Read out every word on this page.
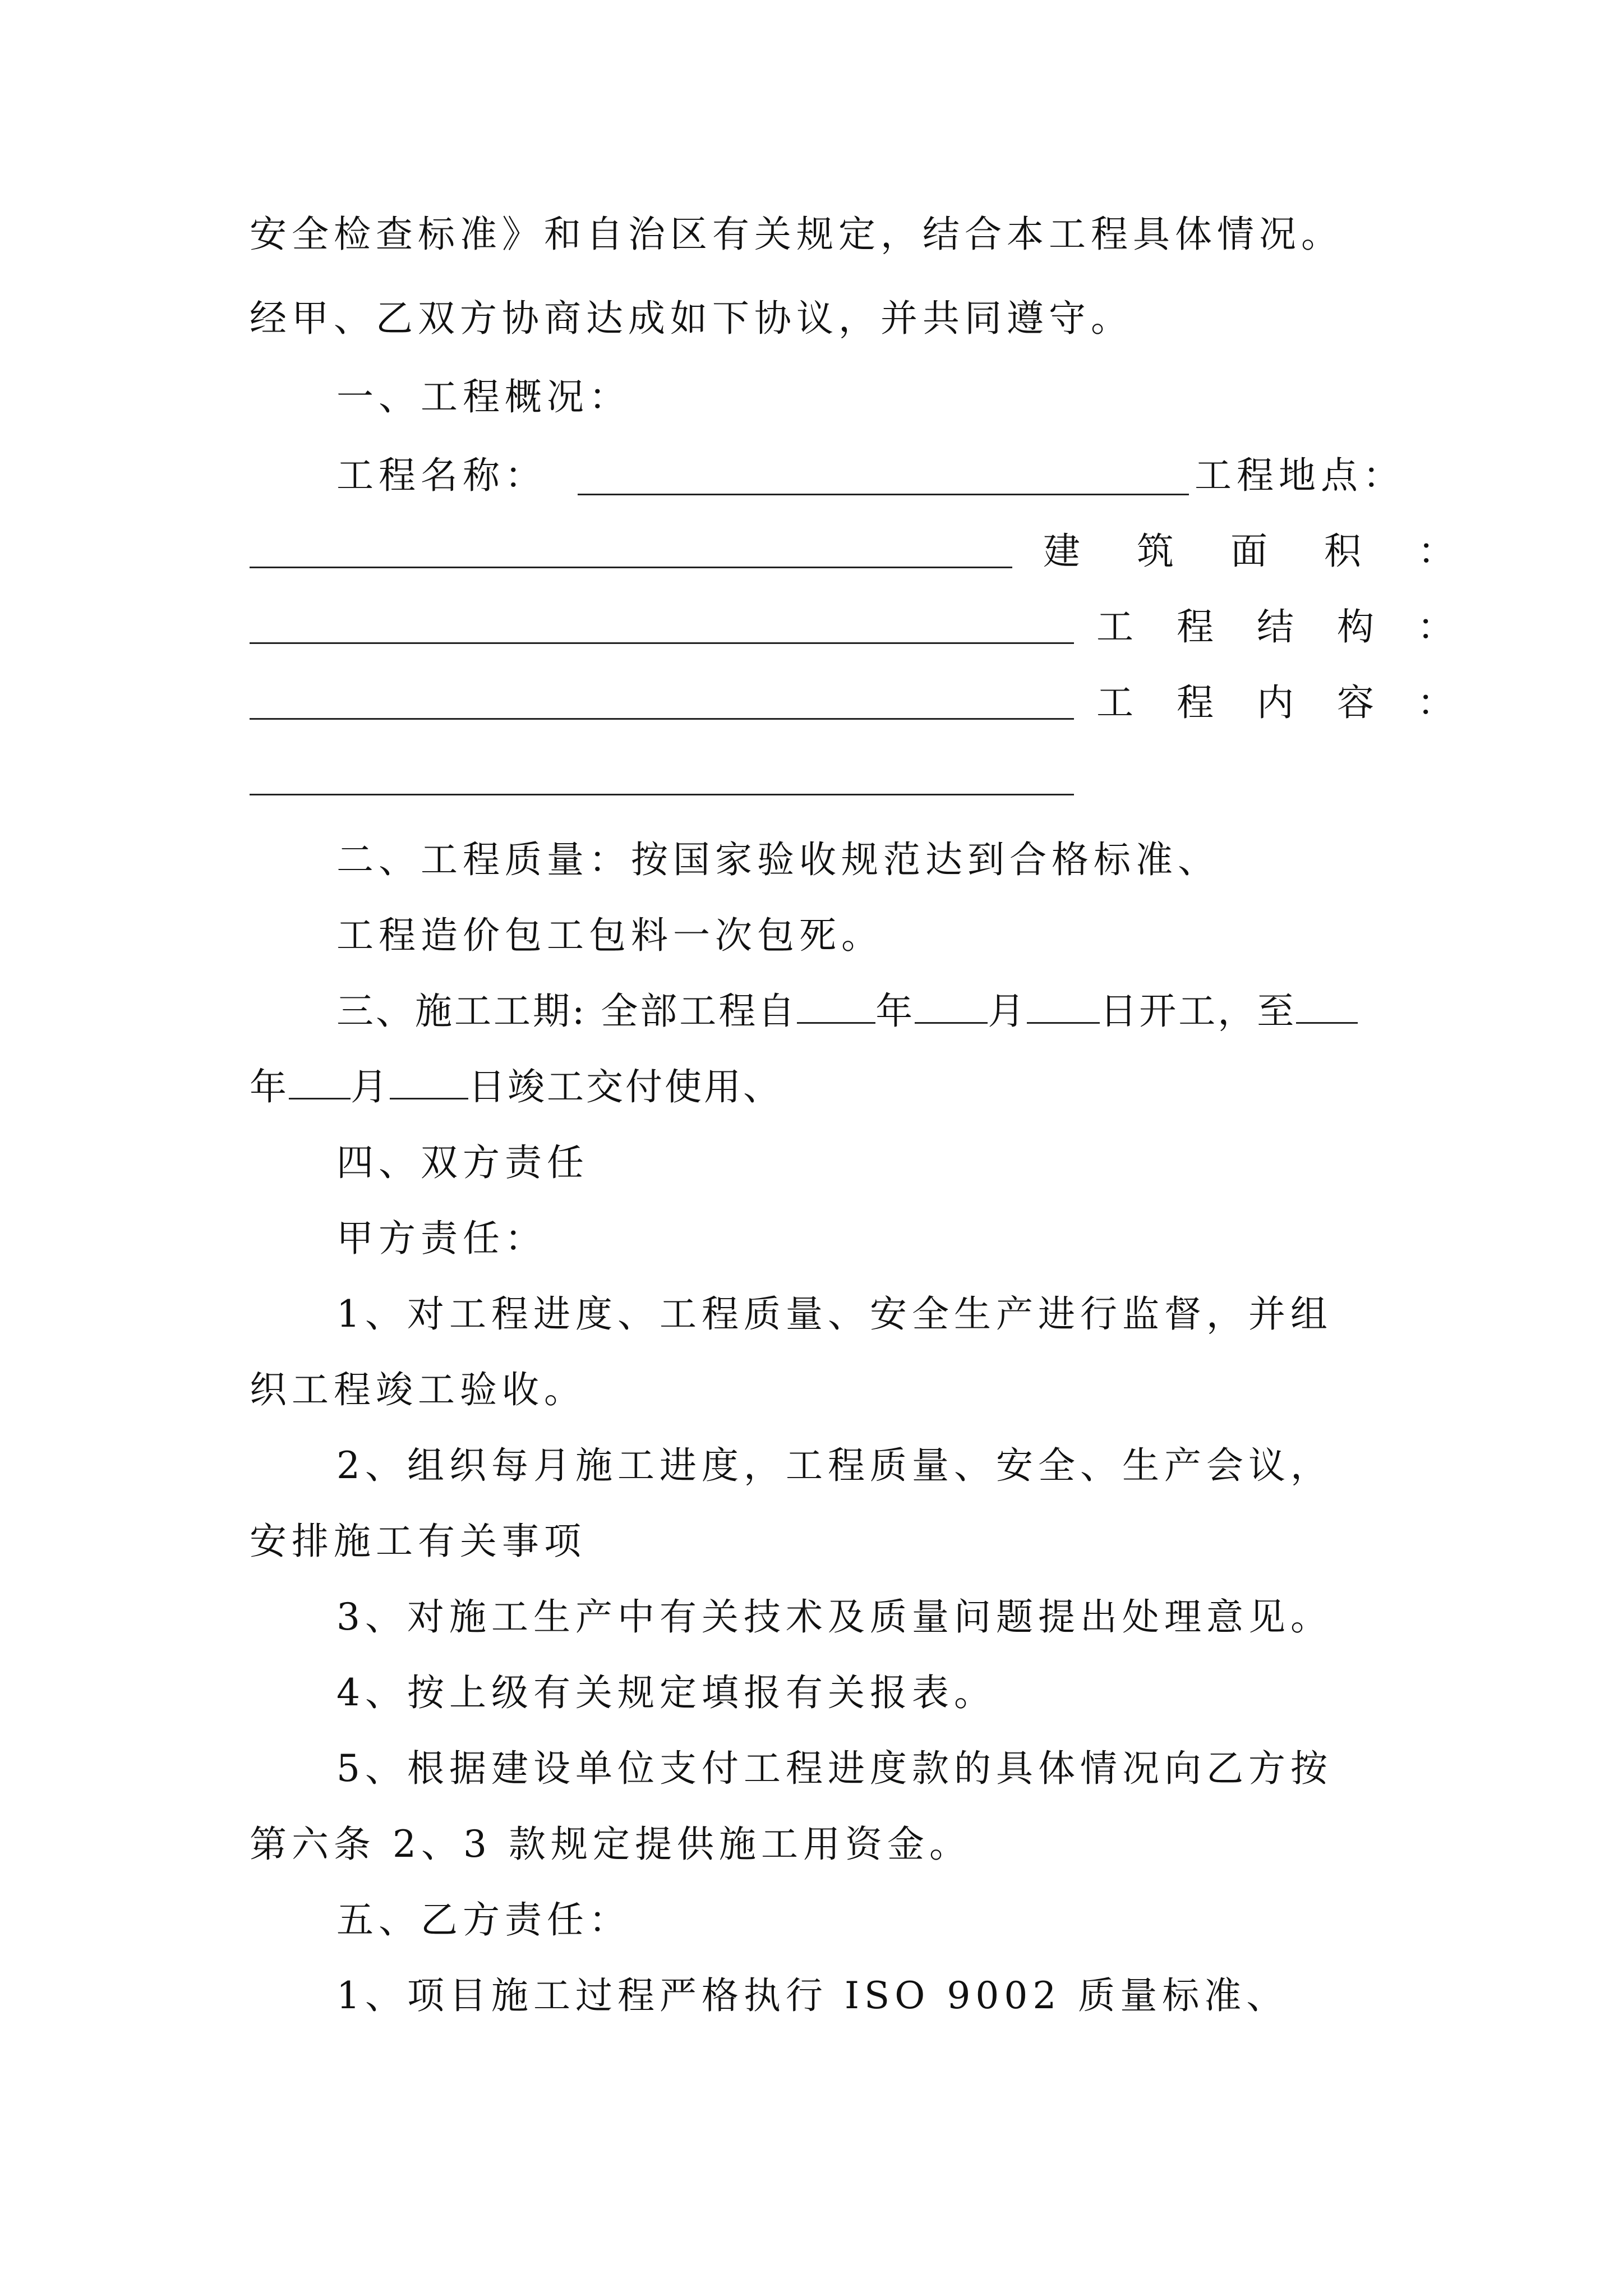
安全检查标准》和自治区有关规定，结合本工程具体情况。
经甲、乙双方协商达成如下协议，并共同遵守。
一、工程概况：
工程名称：	工程地点：
建 筑 面 积 ：
工 程 结 构 ：
工 程 内 容 ：
二、工程质量：按国家验收规范达到合格标准、
工程造价包工包料一次包死。
三、施工工期: 全部工程自 年 月 日开工，至
年 月 日竣工交付使用、
四、双方责任
甲方责任：
1、对工程进度、工程质量、安全生产进行监督，并组
织工程竣工验收。
2、组织每月施工进度，工程质量、安全、生产会议，
安排施工有关事项
3、对施工生产中有关技术及质量问题提出处理意见。
4、按上级有关规定填报有关报表。
5、根据建设单位支付工程进度款的具体情况向乙方按
第六条 2、3 款规定提供施工用资金。
五、乙方责任：
1、项目施工过程严格执行 ISO 9002 质量标准、
